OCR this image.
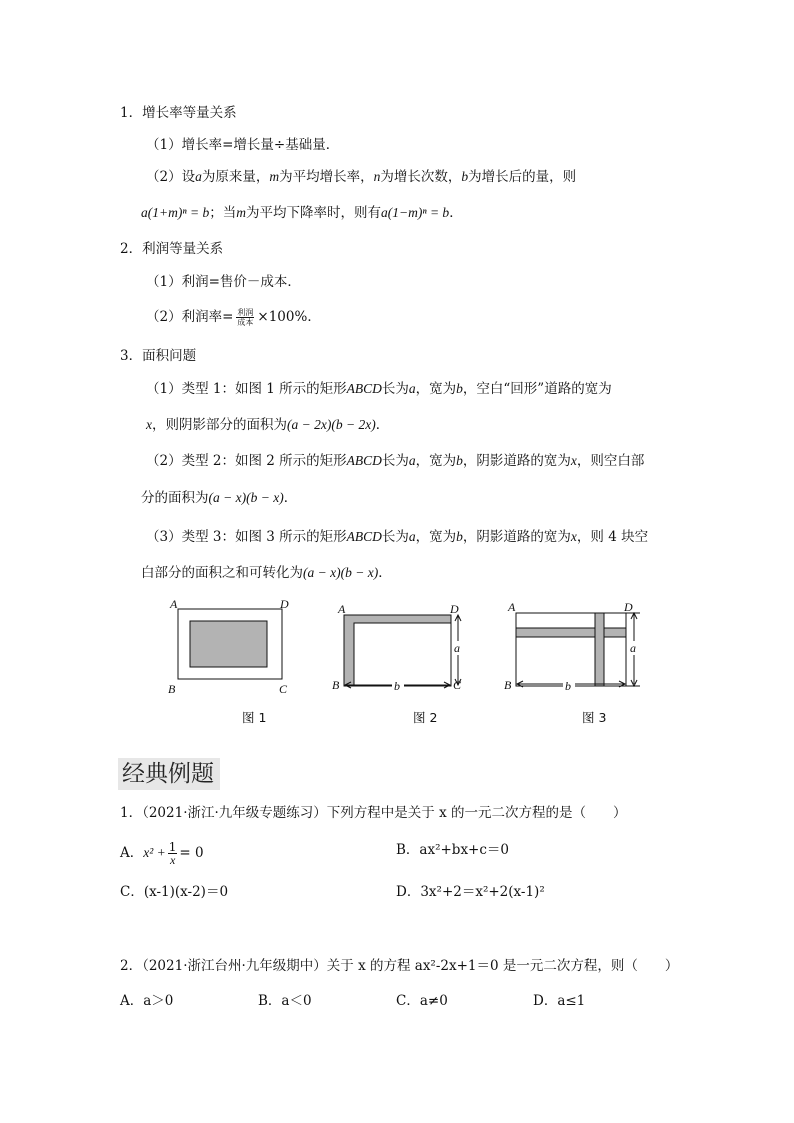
1．增长率等量关系
（1）增长率=增长量÷基础量．
（2）设a为原来量，m为平均增长率，n为增长次数，b为增长后的量，则
a(1+m)ⁿ = b；当m为平均下降率时，则有a(1−m)ⁿ = b．
2．利润等量关系
（1）利润=售价－成本．
（2）利润率= $\frac{\text{利润}}{\text{成本}} \times 100\%$．
3．面积问题
（1）类型 1：如图 1 所示的矩形ABCD长为a，宽为b，空白“回形”道路的宽为
x，则阴影部分的面积为(a − 2x)(b − 2x)．
（2）类型 2：如图 2 所示的矩形ABCD长为a，宽为b，阴影道路的宽为x，则空白部
分的面积为(a − x)(b − x)．
（3）类型 3：如图 3 所示的矩形ABCD长为a，宽为b，阴影道路的宽为x，则 4 块空
白部分的面积之和可转化为(a − x)(b − x)．
A	D
B	C
A	D
B	C
a
b
A	D
B
a
b
图 1	图 2	图 3
经典例题
1．（2021·浙江·九年级专题练习）下列方程中是关于 x 的一元二次方程的是（　　）
A．$x^2 + \frac{1}{x} = 0$	B．ax²+bx+c＝0
C．(x-1)(x-2)＝0	D．3x²+2＝x²+2(x-1)²
2．（2021·浙江台州·九年级期中）关于 x 的方程 ax²-2x+1＝0 是一元二次方程，则（　　）
A．a＞0	B．a＜0	C．a≠0	D．a≤1
